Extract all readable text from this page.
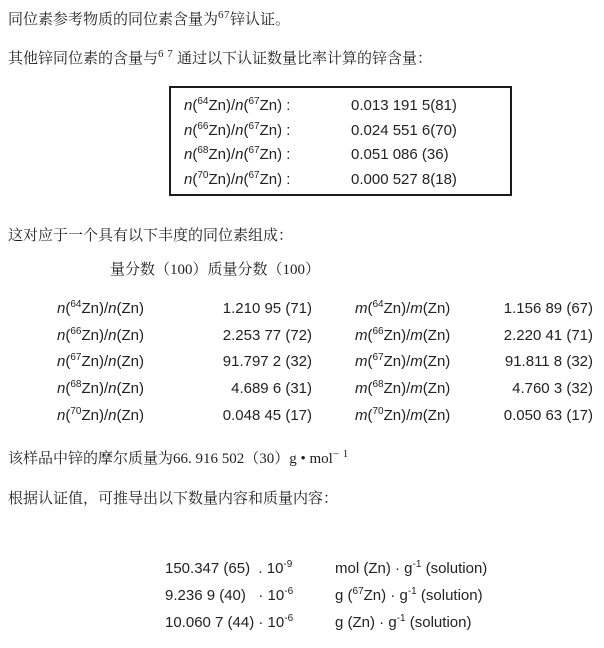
同位素参考物质的同位素含量为$^{67}$锌认证。

其他锌同位素的含量与$^{6 7}$ 通过以下认证数量比率计算的锌含量：

n($^{64}$Zn)/n($^{67}$Zn) :	0.013 191 5(81)
n($^{66}$Zn)/n($^{67}$Zn) :	0.024 551 6(70)
n($^{68}$Zn)/n($^{67}$Zn) :	0.051 086 (36)
n($^{70}$Zn)/n($^{67}$Zn) :	0.000 527 8(18)

这对应于一个具有以下丰度的同位素组成：

量分数（100）质量分数（100）

n($^{64}$Zn)/n(Zn)	1.210 95 (71)	m($^{64}$Zn)/m(Zn)	1.156 89 (67)
n($^{66}$Zn)/n(Zn)	2.253 77 (72)	m($^{66}$Zn)/m(Zn)	2.220 41 (71)
n($^{67}$Zn)/n(Zn)	91.797 2 (32)	m($^{67}$Zn)/m(Zn)	91.811 8 (32)
n($^{68}$Zn)/n(Zn)	4.689 6 (31)	m($^{68}$Zn)/m(Zn)	4.760 3 (32)
n($^{70}$Zn)/n(Zn)	0.048 45 (17)	m($^{70}$Zn)/m(Zn)	0.050 63 (17)

该样品中锌的摩尔质量为66. 916 502（30）g • mol$^{- 1}$

根据认证值，可推导出以下数量内容和质量内容：

150.347 (65)  . $10^{-9}$	mol $(Zn) \cdot g^{-1}$ (solution)
9.236 9 $(40) \cdot 10^{-6}$	g $(^{67}Zn) \cdot g^{-1}$ (solution)
10.060 7 $(44) \cdot 10^{-6}$	g $(Zn) \cdot g^{-1}$ (solution)
